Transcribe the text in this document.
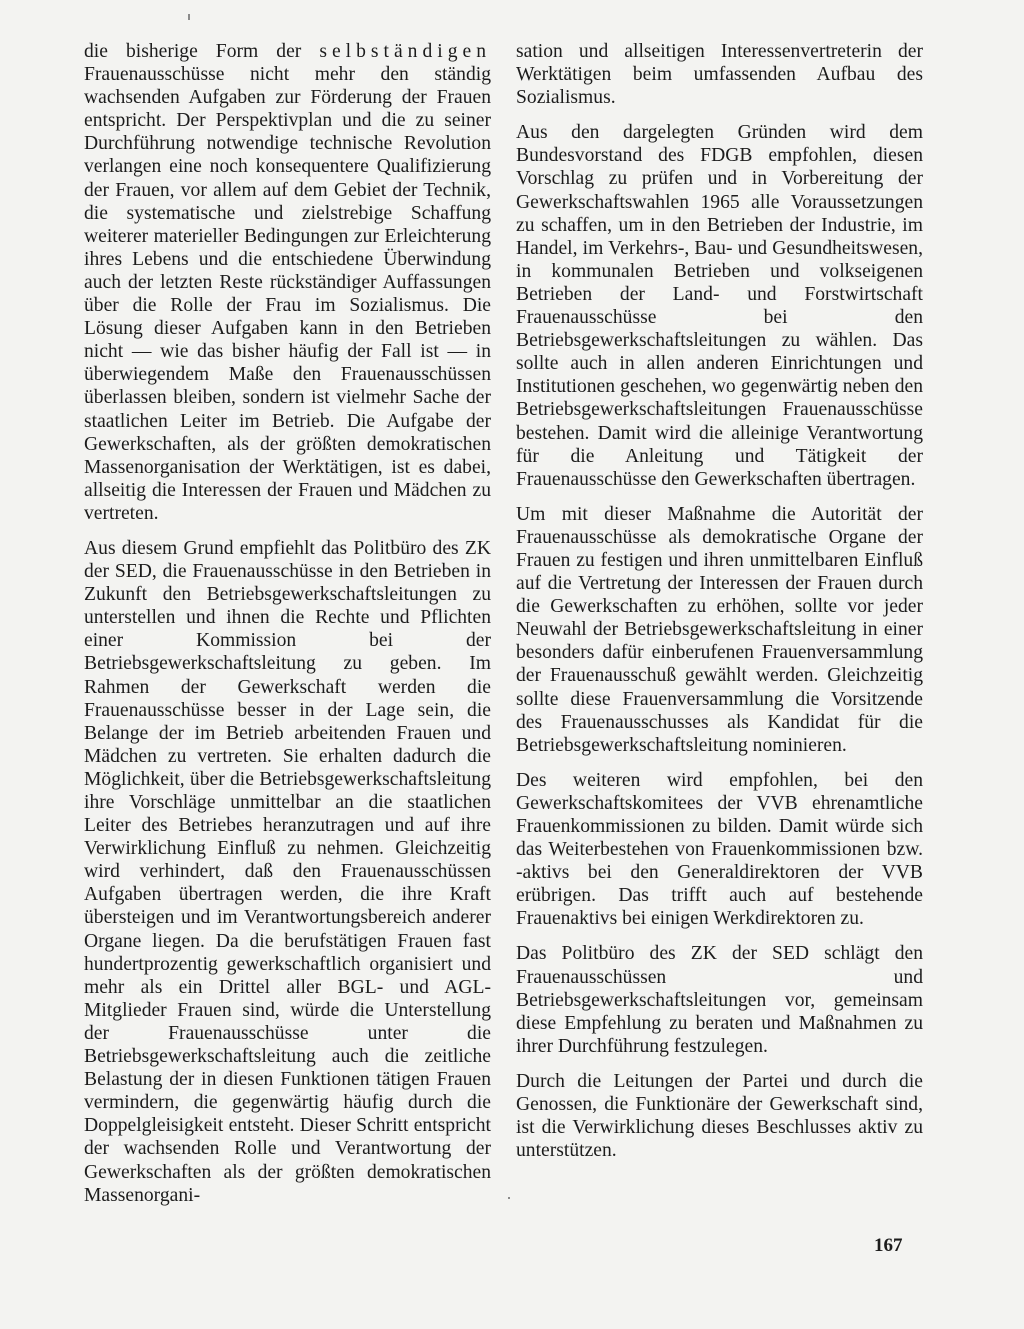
die bisherige Form der selbständigen Frauenausschüsse nicht mehr den ständig wachsenden Aufgaben zur Förderung der Frauen entspricht. Der Perspektivplan und die zu seiner Durchführung notwendige technische Revolution verlangen eine noch konsequentere Qualifizierung der Frauen, vor allem auf dem Gebiet der Technik, die systematische und zielstrebige Schaffung weiterer materieller Bedingungen zur Erleichterung ihres Lebens und die entschiedene Überwindung auch der letzten Reste rückständiger Auffassungen über die Rolle der Frau im Sozialismus. Die Lösung dieser Aufgaben kann in den Betrieben nicht — wie das bisher häufig der Fall ist — in überwiegendem Maße den Frauenausschüssen überlassen bleiben, sondern ist vielmehr Sache der staatlichen Leiter im Betrieb. Die Aufgabe der Gewerkschaften, als der größten demokratischen Massenorganisation der Werktätigen, ist es dabei, allseitig die Interessen der Frauen und Mädchen zu vertreten.

Aus diesem Grund empfiehlt das Politbüro des ZK der SED, die Frauenausschüsse in den Betrieben in Zukunft den Betriebsgewerkschaftsleitungen zu unterstellen und ihnen die Rechte und Pflichten einer Kommission bei der Betriebsgewerkschaftsleitung zu geben. Im Rahmen der Gewerkschaft werden die Frauenausschüsse besser in der Lage sein, die Belange der im Betrieb arbeitenden Frauen und Mädchen zu vertreten. Sie erhalten dadurch die Möglichkeit, über die Betriebsgewerkschaftsleitung ihre Vorschläge unmittelbar an die staatlichen Leiter des Betriebes heranzutragen und auf ihre Verwirklichung Einfluß zu nehmen. Gleichzeitig wird verhindert, daß den Frauenausschüssen Aufgaben übertragen werden, die ihre Kraft übersteigen und im Verantwortungsbereich anderer Organe liegen. Da die berufstätigen Frauen fast hundertprozentig gewerkschaftlich organisiert und mehr als ein Drittel aller BGL- und AGL-Mitglieder Frauen sind, würde die Unterstellung der Frauenausschüsse unter die Betriebsgewerkschaftsleitung auch die zeitliche Belastung der in diesen Funktionen tätigen Frauen vermindern, die gegenwärtig häufig durch die Doppelgleisigkeit entsteht. Dieser Schritt entspricht der wachsenden Rolle und Verantwortung der Gewerkschaften als der größten demokratischen Massenorgani-

sation und allseitigen Interessenvertreterin der Werktätigen beim umfassenden Aufbau des Sozialismus.

Aus den dargelegten Gründen wird dem Bundesvorstand des FDGB empfohlen, diesen Vorschlag zu prüfen und in Vorbereitung der Gewerkschaftswahlen 1965 alle Voraussetzungen zu schaffen, um in den Betrieben der Industrie, im Handel, im Verkehrs-, Bau- und Gesundheitswesen, in kommunalen Betrieben und volkseigenen Betrieben der Land- und Forstwirtschaft Frauenausschüsse bei den Betriebsgewerkschaftsleitungen zu wählen. Das sollte auch in allen anderen Einrichtungen und Institutionen geschehen, wo gegenwärtig neben den Betriebsgewerkschaftsleitungen Frauenausschüsse bestehen. Damit wird die alleinige Verantwortung für die Anleitung und Tätigkeit der Frauenausschüsse den Gewerkschaften übertragen.

Um mit dieser Maßnahme die Autorität der Frauenausschüsse als demokratische Organe der Frauen zu festigen und ihren unmittelbaren Einfluß auf die Vertretung der Interessen der Frauen durch die Gewerkschaften zu erhöhen, sollte vor jeder Neuwahl der Betriebsgewerkschaftsleitung in einer besonders dafür einberufenen Frauenversammlung der Frauenausschuß gewählt werden. Gleichzeitig sollte diese Frauenversammlung die Vorsitzende des Frauenausschusses als Kandidat für die Betriebsgewerkschaftsleitung nominieren.

Des weiteren wird empfohlen, bei den Gewerkschaftskomitees der VVB ehrenamtliche Frauenkommissionen zu bilden. Damit würde sich das Weiterbestehen von Frauenkommissionen bzw. -aktivs bei den Generaldirektoren der VVB erübrigen. Das trifft auch auf bestehende Frauenaktivs bei einigen Werkdirektoren zu.

Das Politbüro des ZK der SED schlägt den Frauenausschüssen und Betriebsgewerkschaftsleitungen vor, gemeinsam diese Empfehlung zu beraten und Maßnahmen zu ihrer Durchführung festzulegen.

Durch die Leitungen der Partei und durch die Genossen, die Funktionäre der Gewerkschaft sind, ist die Verwirklichung dieses Beschlusses aktiv zu unterstützen.

167
